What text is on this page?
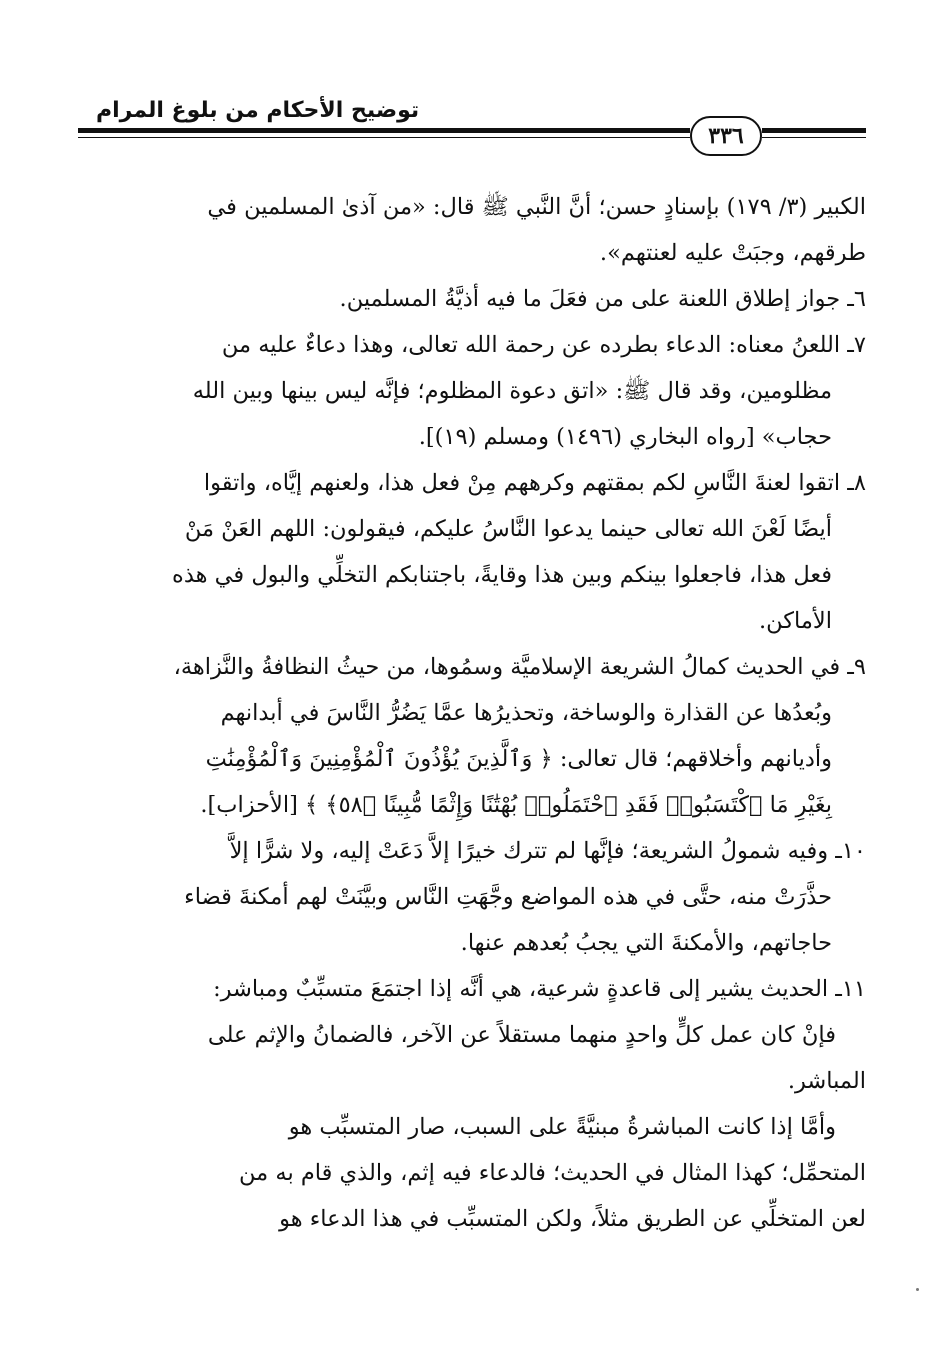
توضيح الأحكام من بلوغ المرام
٣٣٦
الكبير (٣/ ١٧٩) بإسنادٍ حسن؛ أنَّ النَّبي ﷺ قال: «من آذىٰ المسلمين في
طرقهم، وجبَتْ عليه لعنتهم».
٦ـ جواز إطلاق اللعنة على من فعَلَ ما فيه أذيَّةُ المسلمين.
٧ـ اللعنُ معناه: الدعاء بطرده عن رحمة الله تعالى، وهذا دعاءٌ عليه من
مظلومين، وقد قال ﷺ: «اتق دعوة المظلوم؛ فإنَّه ليس بينها وبين الله
حجاب» [رواه البخاري (١٤٩٦) ومسلم (١٩)].
٨ـ اتقوا لعنةَ النَّاسِ لكم بمقتهم وكرههم مِنْ فعل هذا، ولعنهم إيَّاه، واتقوا
أيضًا لَعْنَ الله تعالى حينما يدعوا النَّاسُ عليكم، فيقولون: اللهم العَنْ مَنْ
فعل هذا، فاجعلوا بينكم وبين هذا وقايةً، باجتنابكم التخلِّي والبول في هذه
الأماكن.
٩ـ في الحديث كمالُ الشريعة الإسلاميَّة وسمُوها، من حيثُ النظافةُ والنَّزاهة،
وبُعدُها عن القذارة والوساخة، وتحذيرُها عمَّا يَضُرُّ النَّاسَ في أبدانهم
وأديانهم وأخلاقهم؛ قال تعالى: ﴿ وَٱلَّذِينَ يُؤْذُونَ ٱلْمُؤْمِنِينَ وَٱلْمُؤْمِنَٰتِ
بِغَيْرِ مَا ٱكْتَسَبُوا۟ فَقَدِ ٱحْتَمَلُوا۟ بُهْتَٰنًا وَإِثْمًا مُّبِينًا ﴿٥٨﴾ ﴾ [الأحزاب].
١٠ـ وفيه شمولُ الشريعة؛ فإنَّها لم تترك خيرًا إلاَّ دَعَتْ إليه، ولا شرًّا إلاَّ
حذَّرَتْ منه، حتَّى في هذه المواضع وجَّهَتِ النَّاس وبيَّنَتْ لهم أمكنةَ قضاء
حاجاتهم، والأمكنةَ التي يجبُ بُعدهم عنها.
١١ـ الحديث يشير إلى قاعدةٍ شرعية، هي أنَّه إذا اجتمَعَ متسبِّبٌ ومباشر:
فإنْ كان عمل كلٍّ واحدٍ منهما مستقلاً عن الآخر، فالضمانُ والإثم على
المباشر.
وأمَّا إذا كانت المباشرةُ مبنيَّةً على السبب، صار المتسبِّب هو
المتحمِّل؛ كهذا المثال في الحديث؛ فالدعاء فيه إثم، والذي قام به من
لعن المتخلِّي عن الطريق مثلاً، ولكن المتسبِّب في هذا الدعاء هو
